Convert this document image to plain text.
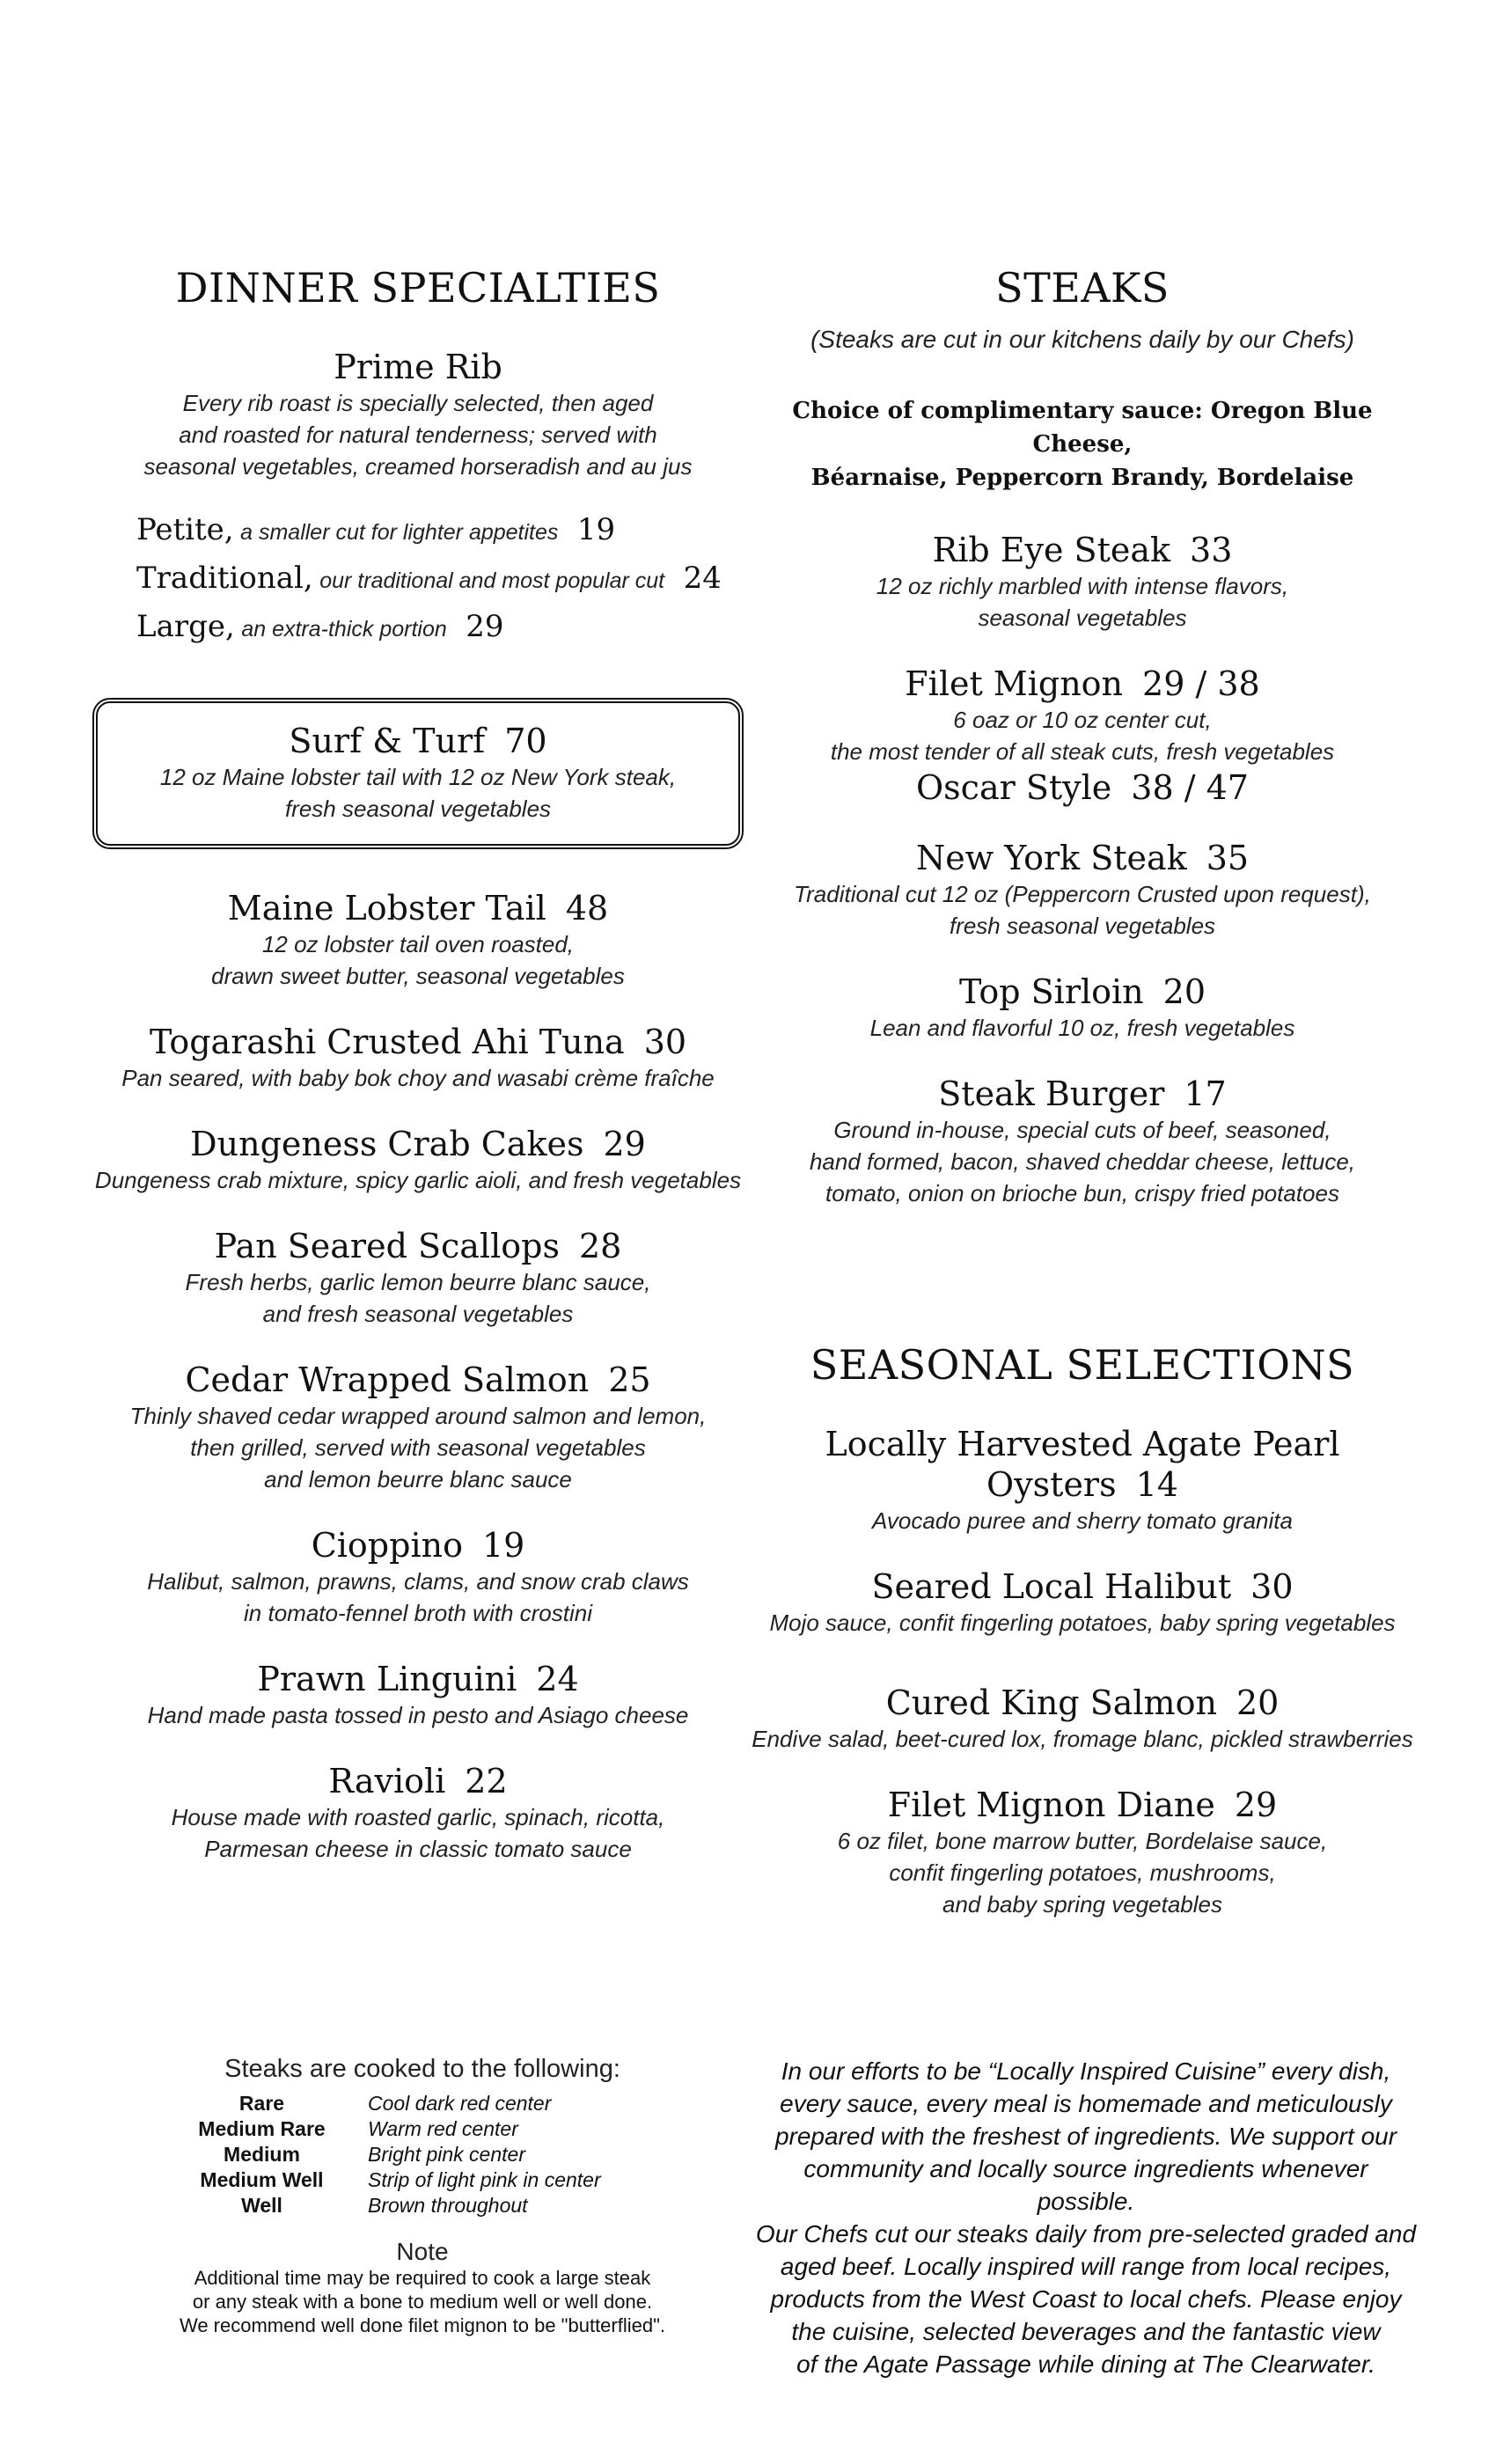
DINNER SPECIALTIES
Prime Rib
Every rib roast is specially selected, then aged
and roasted for natural tenderness; served with
seasonal vegetables, creamed horseradish and au jus
Petite, a smaller cut for lighter appetites 19
Traditional, our traditional and most popular cut 24
Large, an extra-thick portion 29
Surf & Turf 70
12 oz Maine lobster tail with 12 oz New York steak,
fresh seasonal vegetables
Maine Lobster Tail 48
12 oz lobster tail oven roasted,
drawn sweet butter, seasonal vegetables
Togarashi Crusted Ahi Tuna 30
Pan seared, with baby bok choy and wasabi crème fraîche
Dungeness Crab Cakes 29
Dungeness crab mixture, spicy garlic aioli, and fresh vegetables
Pan Seared Scallops 28
Fresh herbs, garlic lemon beurre blanc sauce,
and fresh seasonal vegetables
Cedar Wrapped Salmon 25
Thinly shaved cedar wrapped around salmon and lemon,
then grilled, served with seasonal vegetables
and lemon beurre blanc sauce
Cioppino 19
Halibut, salmon, prawns, clams, and snow crab claws
in tomato-fennel broth with crostini
Prawn Linguini 24
Hand made pasta tossed in pesto and Asiago cheese
Ravioli 22
House made with roasted garlic, spinach, ricotta,
Parmesan cheese in classic tomato sauce
STEAKS
(Steaks are cut in our kitchens daily by our Chefs)
Choice of complimentary sauce: Oregon Blue Cheese,
Béarnaise, Peppercorn Brandy, Bordelaise
Rib Eye Steak 33
12 oz richly marbled with intense flavors,
seasonal vegetables
Filet Mignon 29 / 38
6 oaz or 10 oz center cut,
the most tender of all steak cuts, fresh vegetables
Oscar Style 38 / 47
New York Steak 35
Traditional cut 12 oz (Peppercorn Crusted upon request),
fresh seasonal vegetables
Top Sirloin 20
Lean and flavorful 10 oz, fresh vegetables
Steak Burger 17
Ground in-house, special cuts of beef, seasoned,
hand formed, bacon, shaved cheddar cheese, lettuce,
tomato, onion on brioche bun, crispy fried potatoes
SEASONAL SELECTIONS
Locally Harvested Agate Pearl Oysters 14
Avocado puree and sherry tomato granita
Seared Local Halibut 30
Mojo sauce, confit fingerling potatoes, baby spring vegetables
Cured King Salmon 20
Endive salad, beet-cured lox, fromage blanc, pickled strawberries
Filet Mignon Diane 29
6 oz filet, bone marrow butter, Bordelaise sauce,
confit fingerling potatoes, mushrooms,
and baby spring vegetables
Steaks are cooked to the following:
Rare	Cool dark red center
Medium Rare	Warm red center
Medium	Bright pink center
Medium Well	Strip of light pink in center
Well	Brown throughout
Note
Additional time may be required to cook a large steak
or any steak with a bone to medium well or well done.
We recommend well done filet mignon to be "butterflied".
In our efforts to be “Locally Inspired Cuisine” every dish,
every sauce, every meal is homemade and meticulously
prepared with the freshest of ingredients. We support our
community and locally source ingredients whenever possible.
Our Chefs cut our steaks daily from pre-selected graded and
aged beef. Locally inspired will range from local recipes,
products from the West Coast to local chefs. Please enjoy
the cuisine, selected beverages and the fantastic view
of the Agate Passage while dining at The Clearwater.
